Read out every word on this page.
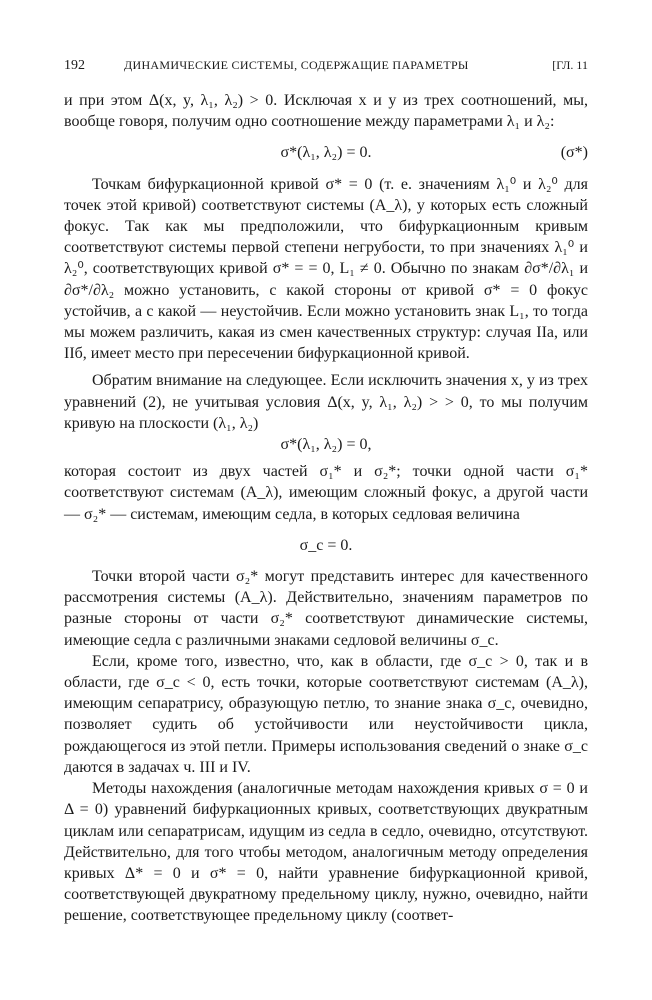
192	ДИНАМИЧЕСКИЕ СИСТЕМЫ, СОДЕРЖАЩИЕ ПАРАМЕТРЫ	[ГЛ. 11

и при этом Δ(x, y, λ₁, λ₂) > 0. Исключая x и y из трех соотношений, мы, вообще говоря, получим одно соотношение между параметрами λ₁ и λ₂:

σ*(λ₁, λ₂) = 0.	(σ*)

Точкам бифуркационной кривой σ* = 0 (т. е. значениям λ₁⁰ и λ₂⁰ для точек этой кривой) соответствуют системы (A_λ), у которых есть сложный фокус. Так как мы предположили, что бифуркационным кривым соответствуют системы первой степени негрубости, то при значениях λ₁⁰ и λ₂⁰, соответствующих кривой σ* = = 0, L₁ ≠ 0. Обычно по знакам ∂σ*/∂λ₁ и ∂σ*/∂λ₂ можно установить, с какой стороны от кривой σ* = 0 фокус устойчив, а с какой — неустойчив. Если можно установить знак L₁, то тогда мы можем различить, какая из смен качественных структур: случая IIa, или IIб, имеет место при пересечении бифуркационной кривой.

Обратим внимание на следующее. Если исключить значения x, y из трех уравнений (2), не учитывая условия Δ(x, y, λ₁, λ₂) > > 0, то мы получим кривую на плоскости (λ₁, λ₂)

σ*(λ₁, λ₂) = 0,

которая состоит из двух частей σ₁* и σ₂*; точки одной части σ₁* соответствуют системам (A_λ), имеющим сложный фокус, а другой части — σ₂* — системам, имеющим седла, в которых седловая величина

σ_c = 0.

Точки второй части σ₂* могут представить интерес для качественного рассмотрения системы (A_λ). Действительно, значениям параметров по разные стороны от части σ₂* соответствуют динамические системы, имеющие седла с различными знаками седловой величины σ_c.

Если, кроме того, известно, что, как в области, где σ_c > 0, так и в области, где σ_c < 0, есть точки, которые соответствуют системам (A_λ), имеющим сепаратрису, образующую петлю, то знание знака σ_c, очевидно, позволяет судить об устойчивости или неустойчивости цикла, рождающегося из этой петли. Примеры использования сведений о знаке σ_c даются в задачах ч. III и IV.

Методы нахождения (аналогичные методам нахождения кривых σ = 0 и Δ = 0) уравнений бифуркационных кривых, соответствующих двукратным циклам или сепаратрисам, идущим из седла в седло, очевидно, отсутствуют. Действительно, для того чтобы методом, аналогичным методу определения кривых Δ* = 0 и σ* = 0, найти уравнение бифуркационной кривой, соответствующей двукратному предельному циклу, нужно, очевидно, найти решение, соответствующее предельному циклу (соответ-
